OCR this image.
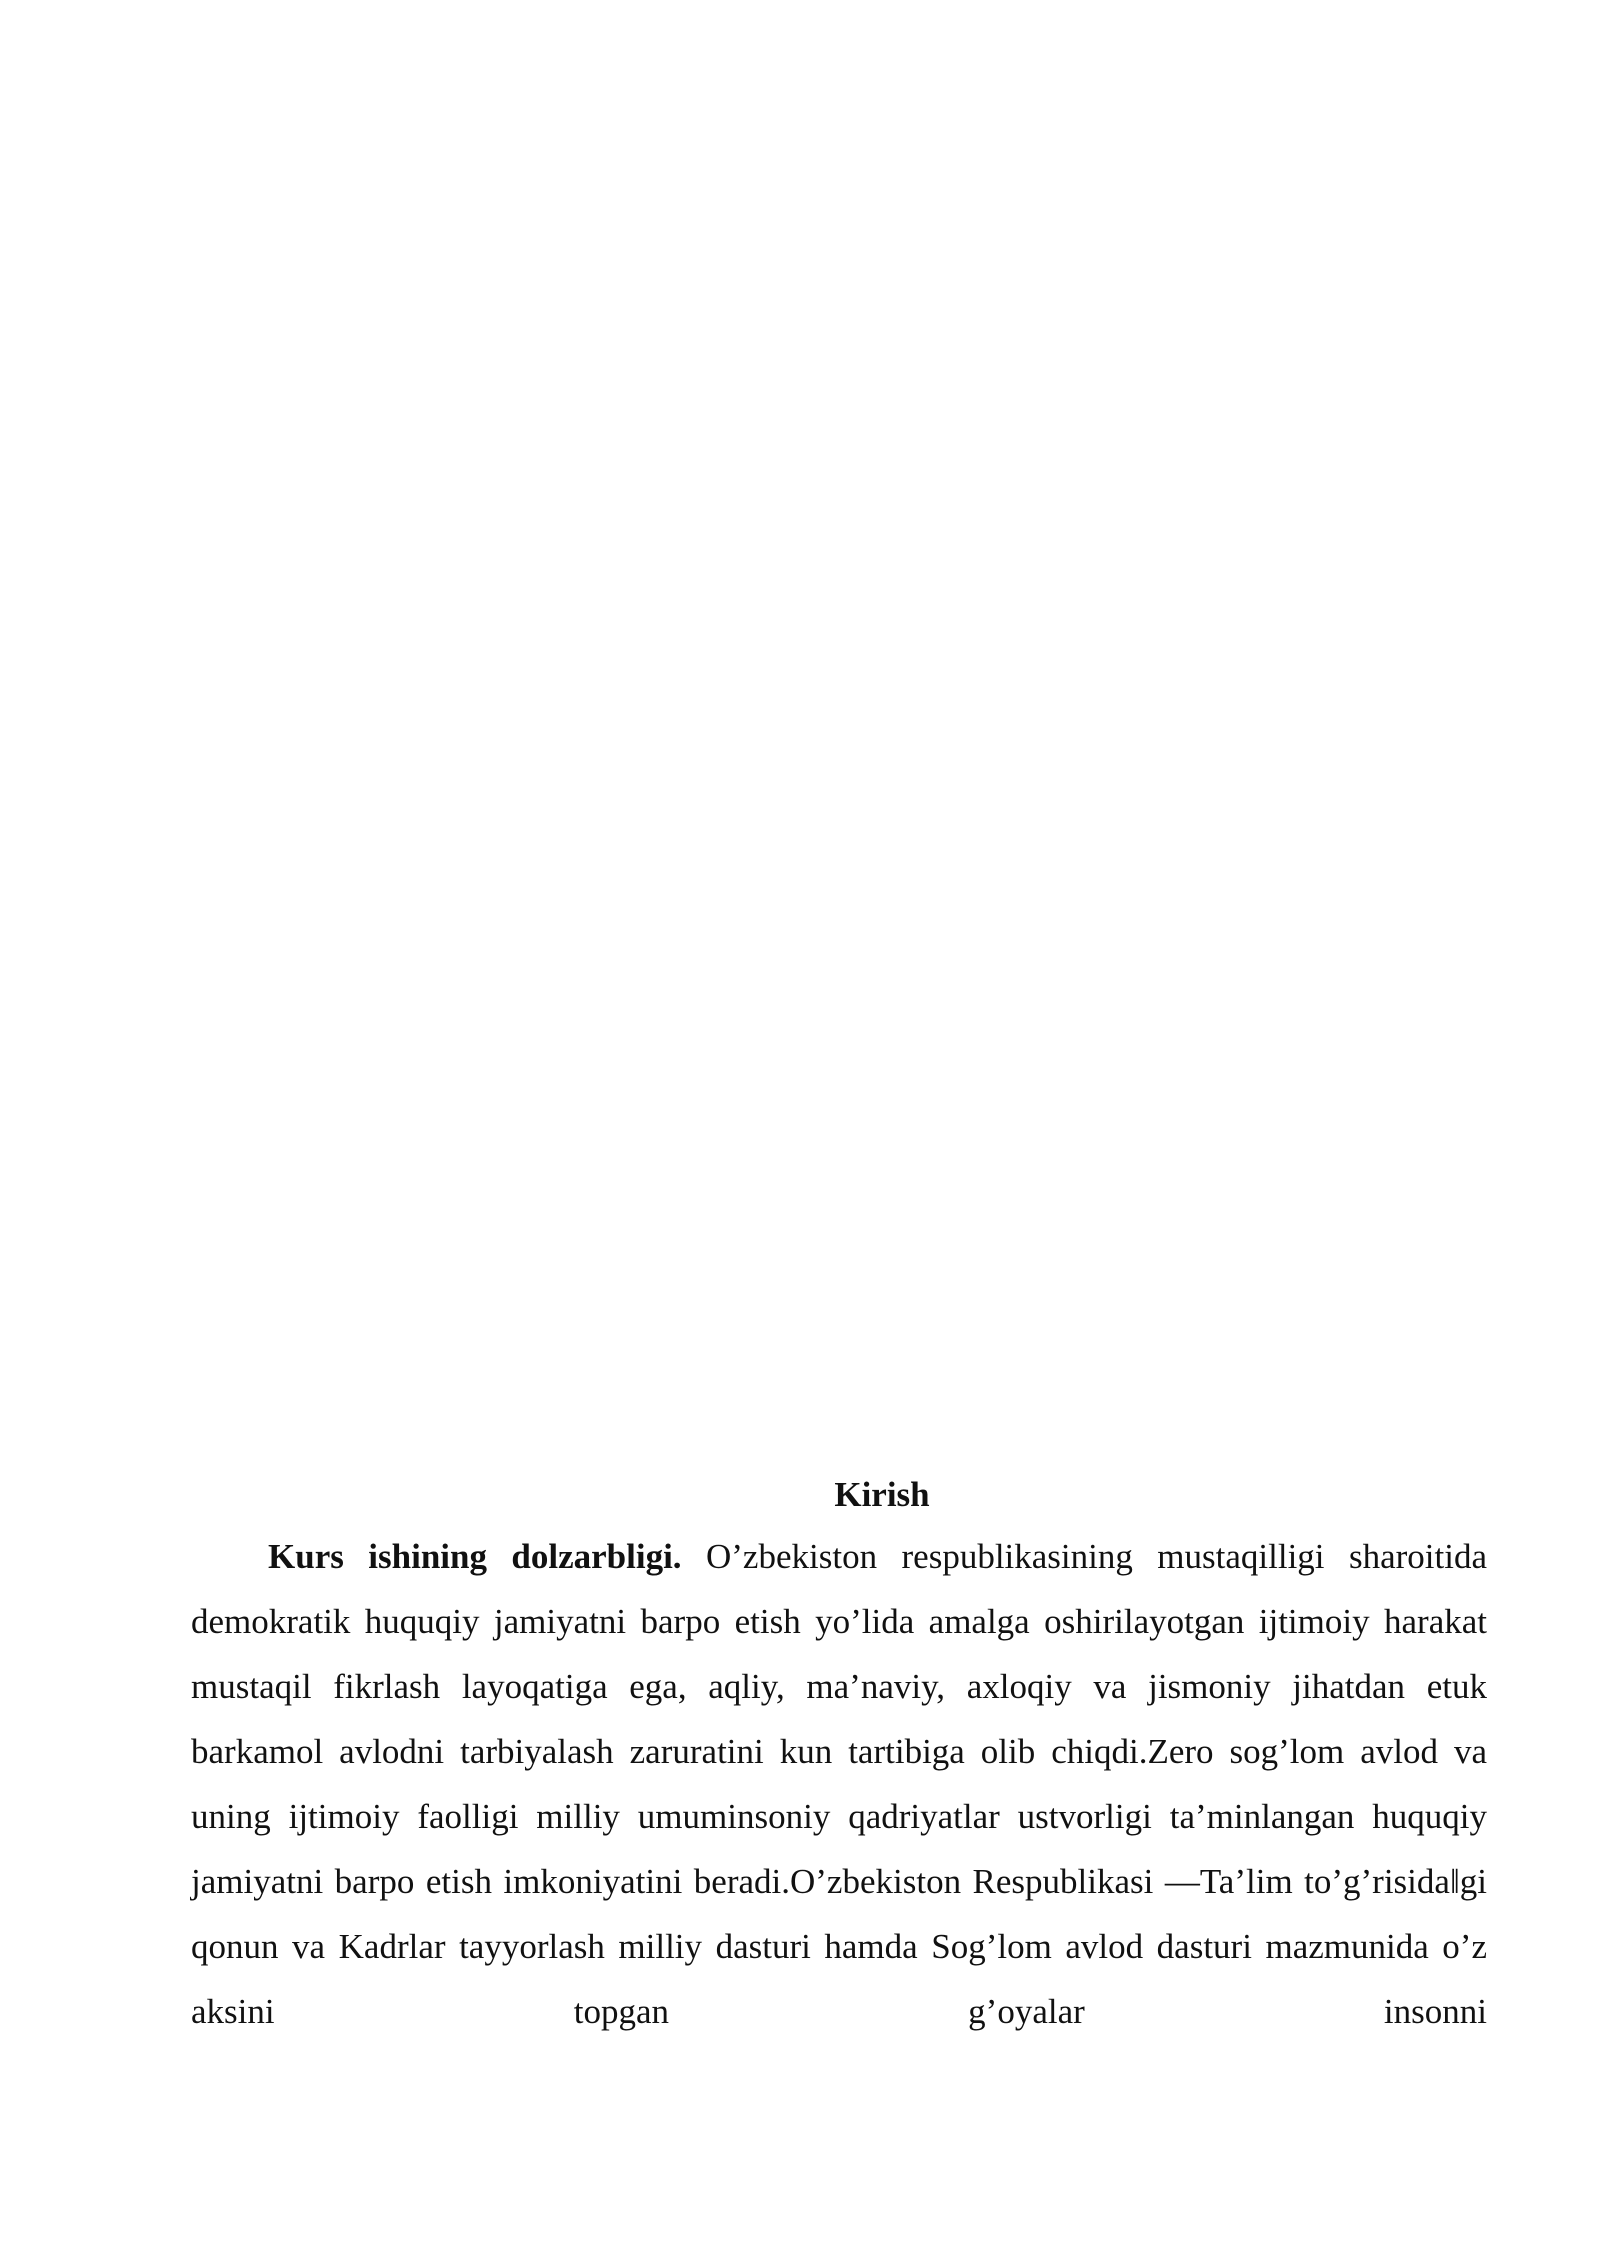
Kirish

Kurs ishining dolzarbligi. O’zbekiston respublikasining mustaqilligi sharoitida demokratik huquqiy jamiyatni barpo etish yo’lida amalga oshirilayotgan ijtimoiy harakat mustaqil fikrlash layoqatiga ega, aqliy, ma’naviy, axloqiy va jismoniy jihatdan etuk barkamol avlodni tarbiyalash zaruratini kun tartibiga olib chiqdi.Zero sog’lom avlod va uning ijtimoiy faolligi milliy umuminsoniy qadriyatlar ustvorligi ta’minlangan huquqiy jamiyatni barpo etish imkoniyatini beradi.O’zbekiston Respublikasi ―Ta’lim to’g’risida‖gi qonun va Kadrlar tayyorlash milliy dasturi hamda Sog’lom avlod dasturi mazmunida o’z aksini topgan g’oyalar insonni
